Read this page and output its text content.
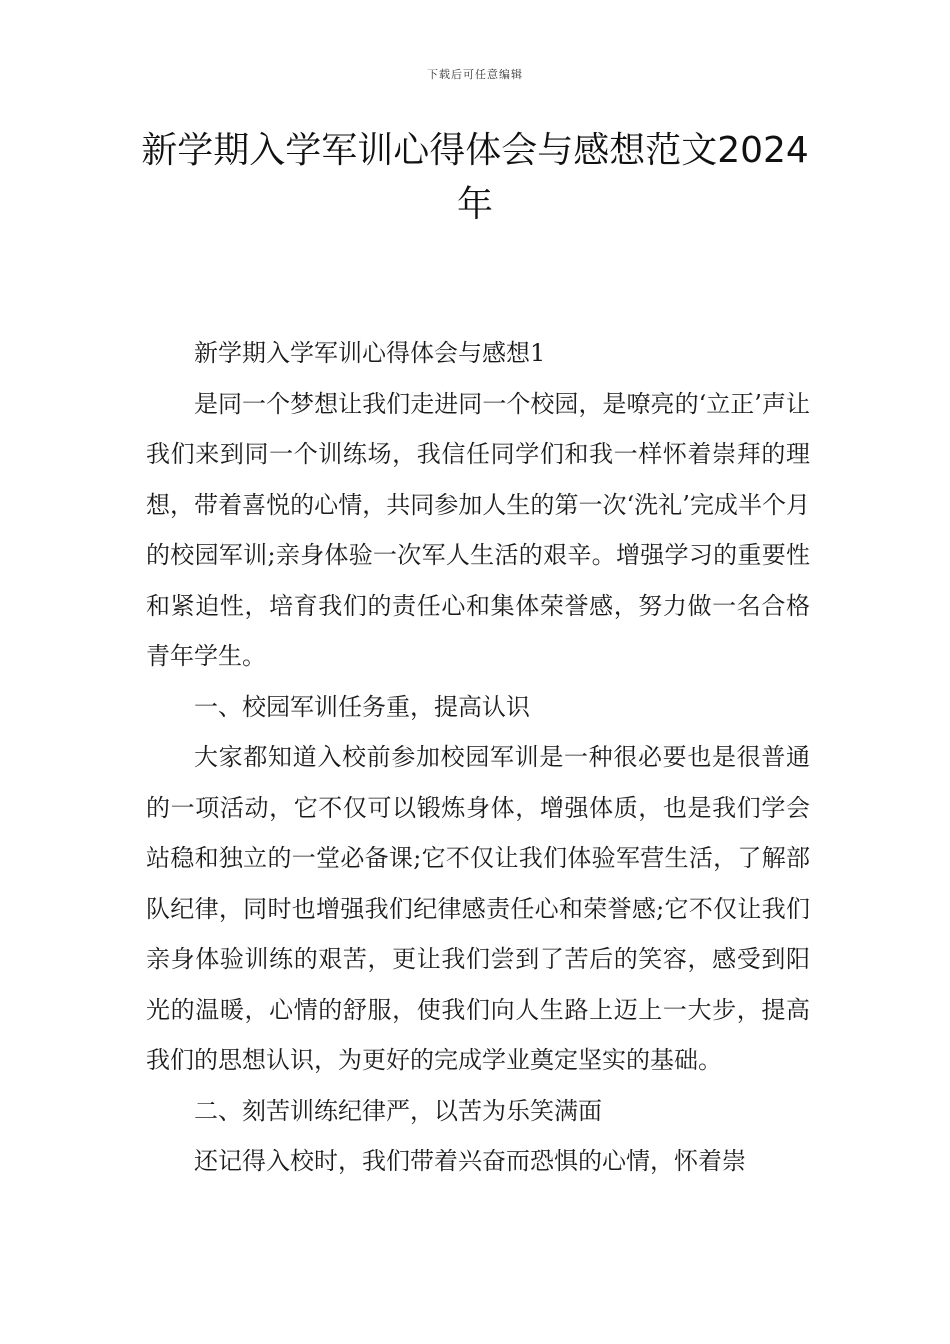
下载后可任意编辑
新学期入学军训心得体会与感想范文2024年

新学期入学军训心得体会与感想1

是同一个梦想让我们走进同一个校园，是嘹亮的‘立正’声让我们来到同一个训练场，我信任同学们和我一样怀着崇拜的理想，带着喜悦的心情，共同参加人生的第一次‘洗礼’完成半个月的校园军训;亲身体验一次军人生活的艰辛。增强学习的重要性和紧迫性，培育我们的责任心和集体荣誉感，努力做一名合格青年学生。

一、校园军训任务重，提高认识

大家都知道入校前参加校园军训是一种很必要也是很普通的一项活动，它不仅可以锻炼身体，增强体质，也是我们学会站稳和独立的一堂必备课;它不仅让我们体验军营生活，了解部队纪律，同时也增强我们纪律感责任心和荣誉感;它不仅让我们亲身体验训练的艰苦，更让我们尝到了苦后的笑容，感受到阳光的温暖，心情的舒服，使我们向人生路上迈上一大步，提高我们的思想认识，为更好的完成学业奠定坚实的基础。

二、刻苦训练纪律严，以苦为乐笑满面

还记得入校时，我们带着兴奋而恐惧的心情，怀着崇
